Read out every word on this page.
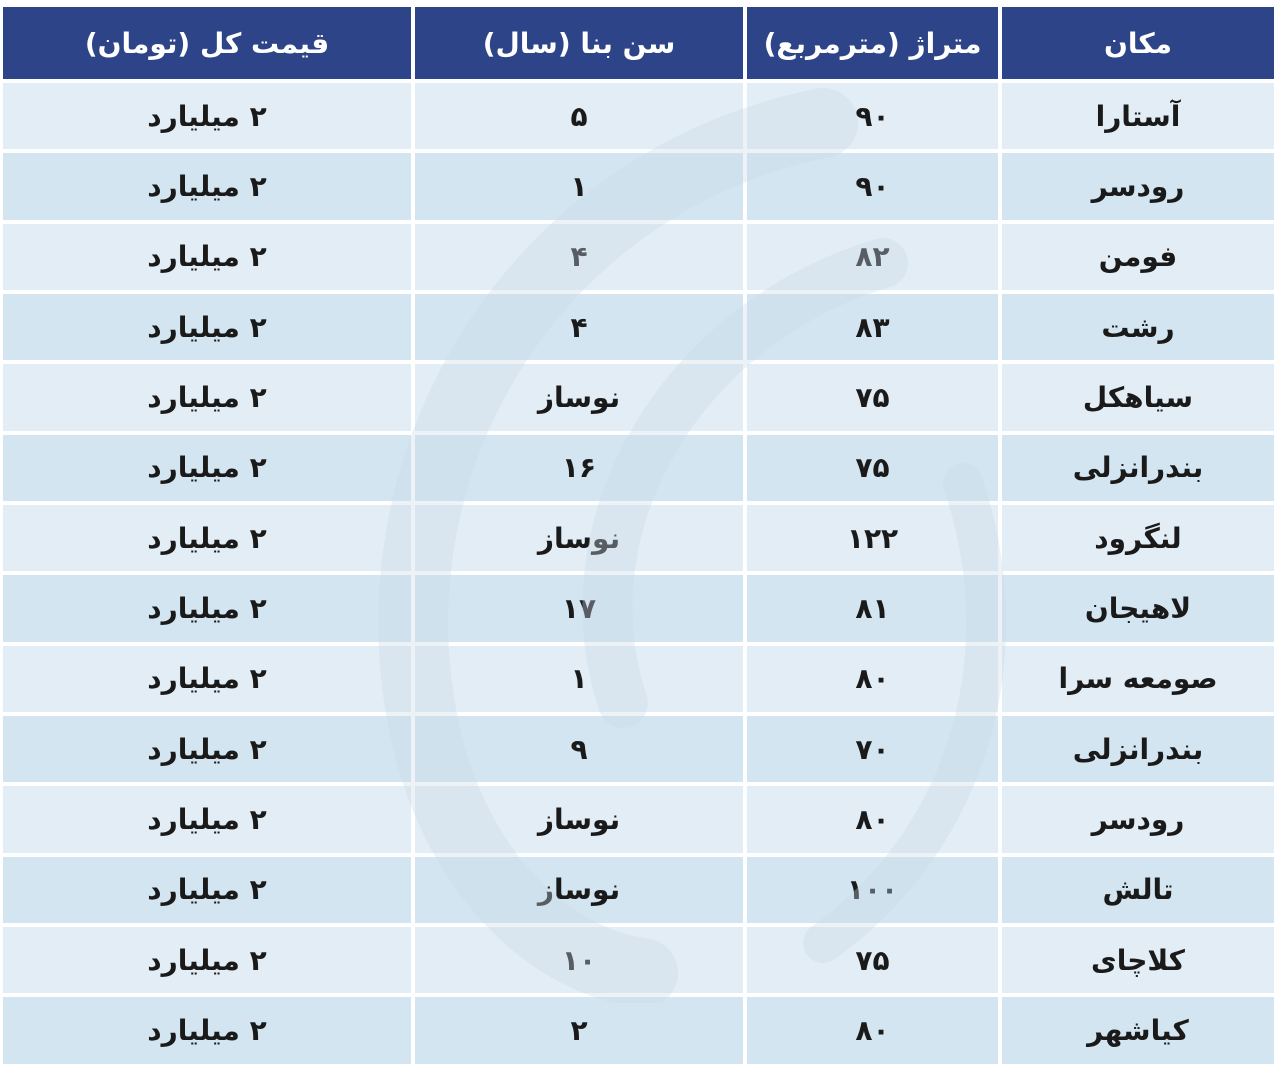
مکان	متراژ (مترمربع)	سن بنا (سال)	قیمت کل (تومان)
آستارا	۹۰	۵	۲ میلیارد
رودسر	۹۰	۱	۲ میلیارد
فومن	۸۲	۴	۲ میلیارد
رشت	۸۳	۴	۲ میلیارد
سیاهکل	۷۵	نوساز	۲ میلیارد
بندرانزلی	۷۵	۱۶	۲ میلیارد
لنگرود	۱۲۲	نوساز	۲ میلیارد
لاهیجان	۸۱	۱۷	۲ میلیارد
صومعه سرا	۸۰	۱	۲ میلیارد
بندرانزلی	۷۰	۹	۲ میلیارد
رودسر	۸۰	نوساز	۲ میلیارد
تالش	۱۰۰	نوساز	۲ میلیارد
کلاچای	۷۵	۱۰	۲ میلیارد
کیاشهر	۸۰	۲	۲ میلیارد
